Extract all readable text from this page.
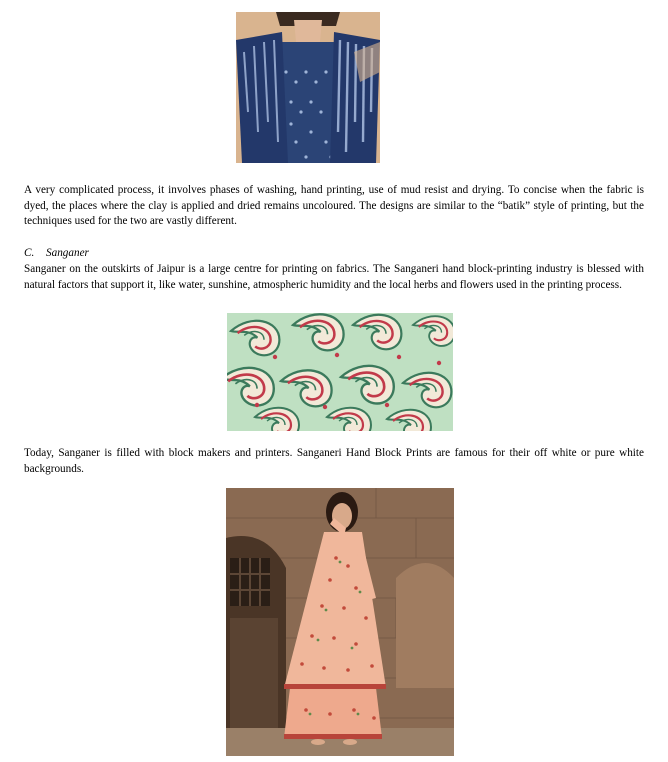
A very complicated process, it involves phases of washing, hand printing, use of mud resist and drying. To concise when the fabric is dyed, the places where the clay is applied and dried remains uncoloured. The designs are similar to the “batik” style of printing, but the techniques used for the two are vastly different.

C. Sanganer

Sanganer on the outskirts of Jaipur is a large centre for printing on fabrics. The Sanganeri hand block-printing industry is blessed with natural factors that support it, like water, sunshine, atmospheric humidity and the local herbs and flowers used in the printing process.

Today, Sanganer is filled with block makers and printers. Sanganeri Hand Block Prints are famous for their off white or pure white backgrounds.
